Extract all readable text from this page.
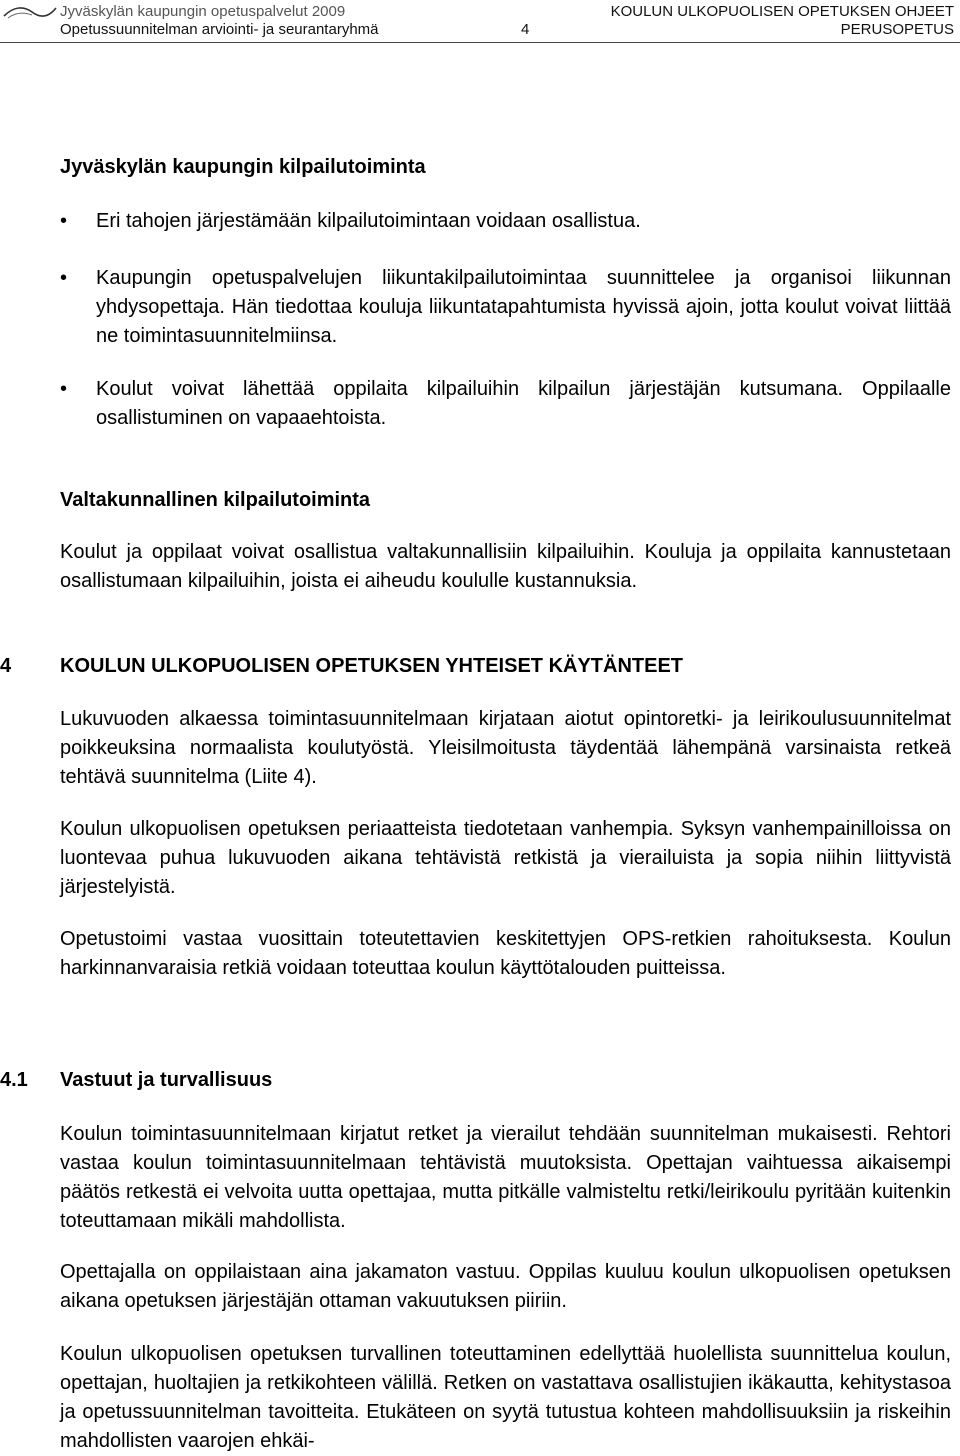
Jyväskylän kaupungin opetuspalvelut 2009
Opetussuunnitelman arviointi- ja seurantaryhmä	4
KOULUN ULKOPUOLISEN OPETUKSEN OHJEET
PERUSOPETUS
Jyväskylän kaupungin kilpailutoiminta
• Eri tahojen järjestämään kilpailutoimintaan voidaan osallistua.
• Kaupungin opetuspalvelujen liikuntakilpailutoimintaa suunnittelee ja organisoi liikunnan yhdysopettaja. Hän tiedottaa kouluja liikuntatapahtumista hyvissä ajoin, jotta koulut voivat liittää ne toimintasuunnitelmiinsa.
• Koulut voivat lähettää oppilaita kilpailuihin kilpailun järjestäjän kutsumana. Oppilaalle osallistuminen on vapaaehtoista.
Valtakunnallinen kilpailutoiminta
Koulut ja oppilaat voivat osallistua valtakunnallisiin kilpailuihin. Kouluja ja oppilaita kannustetaan osallistumaan kilpailuihin, joista ei aiheudu koululle kustannuksia.
4 KOULUN ULKOPUOLISEN OPETUKSEN YHTEISET KÄYTÄNTEET
Lukuvuoden alkaessa toimintasuunnitelmaan kirjataan aiotut opintoretki- ja leirikoulusuunnitelmat poikkeuksina normaalista koulutyöstä. Yleisilmoitusta täydentää lähempänä varsinaista retkeä tehtävä suunnitelma (Liite 4).
Koulun ulkopuolisen opetuksen periaatteista tiedotetaan vanhempia. Syksyn vanhempainilloissa on luontevaa puhua lukuvuoden aikana tehtävistä retkistä ja vierailuista ja sopia niihin liittyvistä järjestelyistä.
Opetustoimi vastaa vuosittain toteutettavien keskitettyjen OPS-retkien rahoituksesta. Koulun harkinnanvaraisia retkiä voidaan toteuttaa koulun käyttötalouden puitteissa.
4.1 Vastuut ja turvallisuus
Koulun toimintasuunnitelmaan kirjatut retket ja vierailut tehdään suunnitelman mukaisesti. Rehtori vastaa koulun toimintasuunnitelmaan tehtävistä muutoksista. Opettajan vaihtuessa aikaisempi päätös retkestä ei velvoita uutta opettajaa, mutta pitkälle valmisteltu retki/leirikoulu pyritään kuitenkin toteuttamaan mikäli mahdollista.
Opettajalla on oppilaistaan aina jakamaton vastuu. Oppilas kuuluu koulun ulkopuolisen opetuksen aikana opetuksen järjestäjän ottaman vakuutuksen piiriin.
Koulun ulkopuolisen opetuksen turvallinen toteuttaminen edellyttää huolellista suunnittelua koulun, opettajan, huoltajien ja retkikohteen välillä. Retken on vastattava osallistujien ikäkautta, kehitystasoa ja opetussuunnitelman tavoitteita. Etukäteen on syytä tutustua kohteen mahdollisuuksiin ja riskeihin mahdollisten vaarojen ehkäi-
